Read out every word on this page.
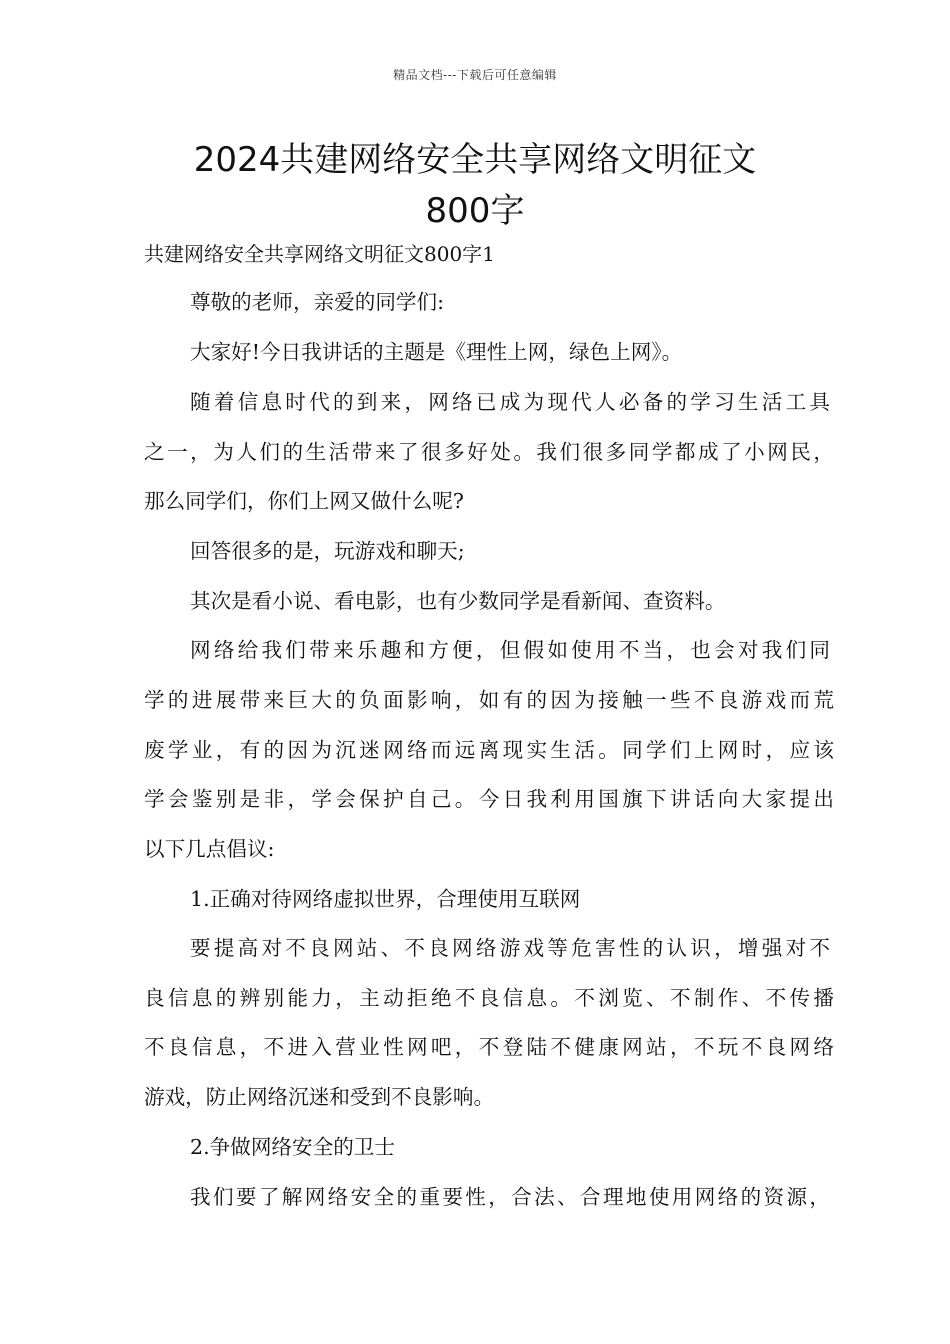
精品文档---下载后可任意编辑
2024共建网络安全共享网络文明征文
800字
共建网络安全共享网络文明征文800字1
尊敬的老师，亲爱的同学们:
大家好!今日我讲话的主题是《理性上网，绿色上网》。
随着信息时代的到来，网络已成为现代人必备的学习生活工具
之一，为人们的生活带来了很多好处。我们很多同学都成了小网民，
那么同学们，你们上网又做什么呢?
回答很多的是，玩游戏和聊天;
其次是看小说、看电影，也有少数同学是看新闻、查资料。
网络给我们带来乐趣和方便，但假如使用不当，也会对我们同
学的进展带来巨大的负面影响，如有的因为接触一些不良游戏而荒
废学业，有的因为沉迷网络而远离现实生活。同学们上网时，应该
学会鉴别是非，学会保护自己。今日我利用国旗下讲话向大家提出
以下几点倡议:
1.正确对待网络虚拟世界，合理使用互联网
要提高对不良网站、不良网络游戏等危害性的认识，增强对不
良信息的辨别能力，主动拒绝不良信息。不浏览、不制作、不传播
不良信息，不进入营业性网吧，不登陆不健康网站，不玩不良网络
游戏，防止网络沉迷和受到不良影响。
2.争做网络安全的卫士
我们要了解网络安全的重要性，合法、合理地使用网络的资源，
